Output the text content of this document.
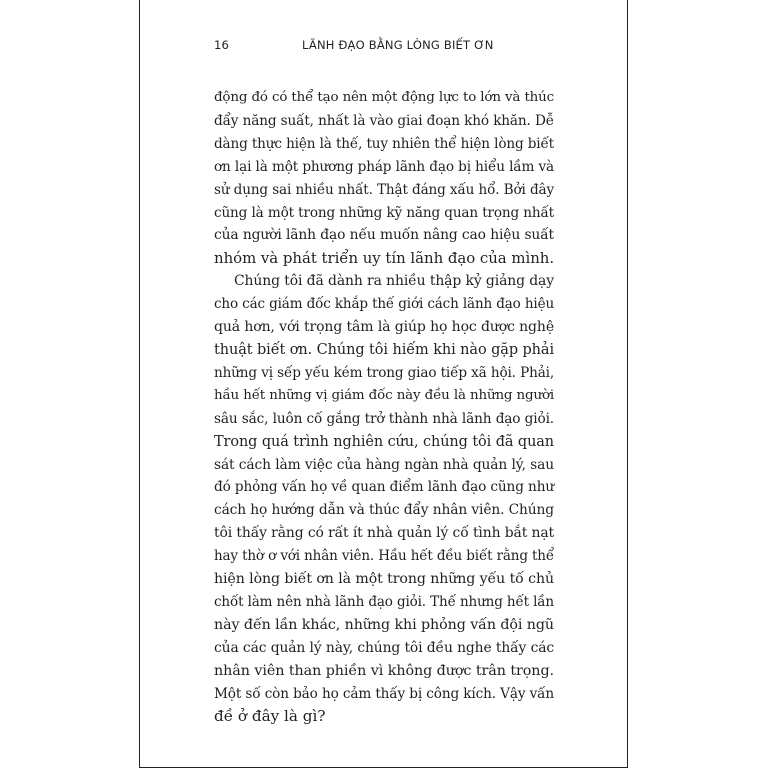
16	LÃNH ĐẠO BẰNG LÒNG BIẾT ƠN
động đó có thể tạo nên một động lực to lớn và thúc
đẩy năng suất, nhất là vào giai đoạn khó khăn. Dễ
dàng thực hiện là thế, tuy nhiên thể hiện lòng biết
ơn lại là một phương pháp lãnh đạo bị hiểu lầm và
sử dụng sai nhiều nhất. Thật đáng xấu hổ. Bởi đây
cũng là một trong những kỹ năng quan trọng nhất
của người lãnh đạo nếu muốn nâng cao hiệu suất
nhóm và phát triển uy tín lãnh đạo của mình.
Chúng tôi đã dành ra nhiều thập kỷ giảng dạy
cho các giám đốc khắp thế giới cách lãnh đạo hiệu
quả hơn, với trọng tâm là giúp họ học được nghệ
thuật biết ơn. Chúng tôi hiếm khi nào gặp phải
những vị sếp yếu kém trong giao tiếp xã hội. Phải,
hầu hết những vị giám đốc này đều là những người
sâu sắc, luôn cố gắng trở thành nhà lãnh đạo giỏi.
Trong quá trình nghiên cứu, chúng tôi đã quan
sát cách làm việc của hàng ngàn nhà quản lý, sau
đó phỏng vấn họ về quan điểm lãnh đạo cũng như
cách họ hướng dẫn và thúc đẩy nhân viên. Chúng
tôi thấy rằng có rất ít nhà quản lý cố tình bắt nạt
hay thờ ơ với nhân viên. Hầu hết đều biết rằng thể
hiện lòng biết ơn là một trong những yếu tố chủ
chốt làm nên nhà lãnh đạo giỏi. Thế nhưng hết lần
này đến lần khác, những khi phỏng vấn đội ngũ
của các quản lý này, chúng tôi đều nghe thấy các
nhân viên than phiền vì không được trân trọng.
Một số còn bảo họ cảm thấy bị công kích. Vậy vấn
đề ở đây là gì?
